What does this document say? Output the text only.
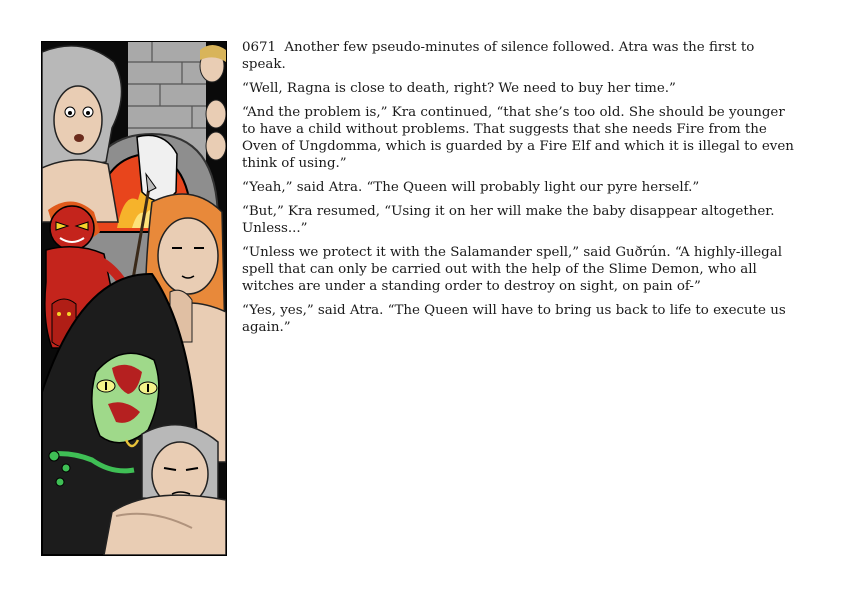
0671 Another few pseudo-minutes of silence followed. Atra was the first to speak.

“Well, Ragna is close to death, right? We need to buy her time.”

“And the problem is,” Kra continued, “that she’s too old. She should be younger to have a child without problems. That suggests that she needs Fire from the Oven of Ungdomma, which is guarded by a Fire Elf and which it is illegal to even think of using.”

“Yeah,” said Atra. “The Queen will probably light our pyre herself.”

“But,” Kra resumed, “Using it on her will make the baby disappear altogether. Unless...”

“Unless we protect it with the Salamander spell,” said Guðrún. “A highly-illegal spell that can only be carried out with the help of the Slime Demon, who all witches are under a standing order to destroy on sight, on pain of-”

“Yes, yes,” said Atra. “The Queen will have to bring us back to life to execute us again.”
